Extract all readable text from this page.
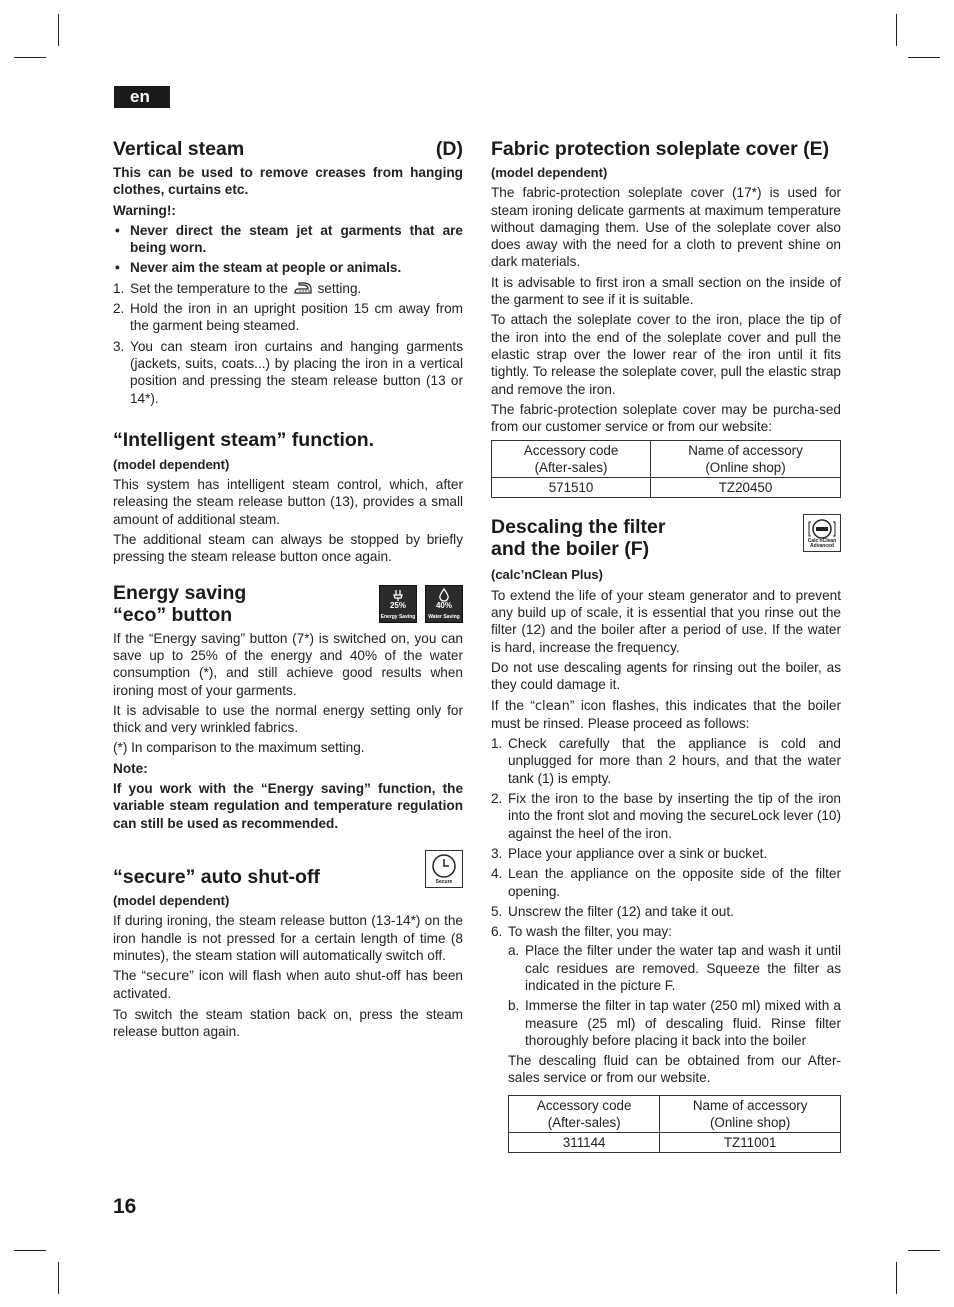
en
Vertical steam	(D)

This can be used to remove creases from hanging clothes, curtains etc.

Warning!:

• Never direct the steam jet at garments that are being worn.
• Never aim the steam at people or animals.
1. Set the temperature to the setting.
2. Hold the iron in an upright position 15 cm away from the garment being steamed.
3. You can steam iron curtains and hanging garments (jackets, suits, coats...) by placing the iron in a vertical position and pressing the steam release button (13 or 14*).
“Intelligent steam” function.

(model dependent)

This system has intelligent steam control, which, after releasing the steam release button (13), provides a small amount of additional steam.

The additional steam can always be stopped by briefly pressing the steam release button once again.

Energy saving
“eco” button	25%
Energy Saving
40%
Water Saving

If the “Energy saving” button (7*) is switched on, you can save up to 25% of the energy and 40% of the water consumption (*), and still achieve good results when ironing most of your garments.

It is advisable to use the normal energy setting only for thick and very wrinkled fabrics.

(*) In comparison to the maximum setting.

Note:

If you work with the “Energy saving” function, the variable steam regulation and temperature regulation can still be used as recommended.

“secure” auto shut-off	Secure

(model dependent)

If during ironing, the steam release button (13-14*) on the iron handle is not pressed for a certain length of time (8 minutes), the steam station will automatically switch off.

The “secure” icon will flash when auto shut-off has been activated.

To switch the steam station back on, press the steam release button again.

Fabric protection soleplate cover (E)

(model dependent)

The fabric-protection soleplate cover (17*) is used for steam ironing delicate garments at maximum temperature without damaging them. Use of the soleplate cover also does away with the need for a cloth to prevent shine on dark materials.

It is advisable to first iron a small section on the inside of the garment to see if it is suitable.

To attach the soleplate cover to the iron, place the tip of the iron into the end of the soleplate cover and pull the elastic strap over the lower rear of the iron until it fits tightly. To release the soleplate cover, pull the elastic strap and remove the iron.

The fabric-protection soleplate cover may be purcha-sed from our customer service or from our website:

Accessory code
(After-sales)	Name of accessory
(Online shop)
571510	TZ20450
Descaling the filter
and the boiler (F)	Calc'nClean Advanced

(calc’nClean Plus)

To extend the life of your steam generator and to prevent any build up of scale, it is essential that you rinse out the filter (12) and the boiler after a period of use. If the water is hard, increase the frequency.

Do not use descaling agents for rinsing out the boiler, as they could damage it.

If the “clean” icon flashes, this indicates that the boiler must be rinsed. Please proceed as follows:

1. Check carefully that the appliance is cold and unplugged for more than 2 hours, and that the water tank (1) is empty.
2. Fix the iron to the base by inserting the tip of the iron into the front slot and moving the secureLock lever (10) against the heel of the iron.
3. Place your appliance over a sink or bucket.
4. Lean the appliance on the opposite side of the filter opening.
5. Unscrew the filter (12) and take it out.
6. To wash the filter, you may:
a. Place the filter under the water tap and wash it until calc residues are removed. Squeeze the filter as indicated in the picture F.
b. Immerse the filter in tap water (250 ml) mixed with a measure (25 ml) of descaling fluid. Rinse filter thoroughly before placing it back into the boiler

The descaling fluid can be obtained from our After-sales service or from our website.

Accessory code
(After-sales)	Name of accessory
(Online shop)
311144	TZ11001
16
